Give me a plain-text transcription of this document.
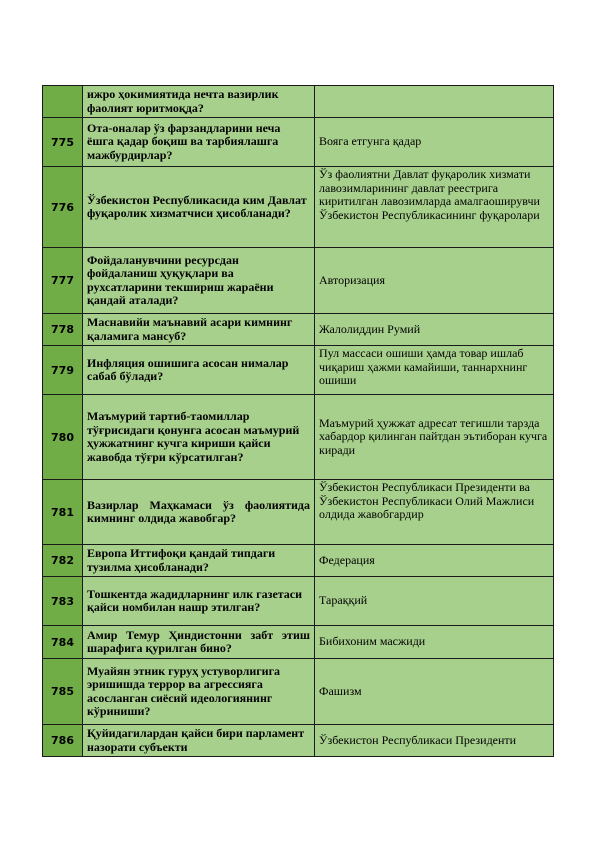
	ижро ҳокимиятида нечта вазирлик фаолият юритмоқда?	
775	Ота-оналар ўз фарзандларини неча ёшга қадар боқиш ва тарбиялашга мажбурдирлар?	Вояга етгунга қадар
776	Ўзбекистон Республикасида ким Давлат фуқаролик хизматчиси ҳисобланади?	Ўз фаолиятни Давлат фуқаролик хизмати лавозимларининг давлат реестрига киритилган лавозимларда амалгаоширувчи Ўзбекистон Республикасининг фуқаролари
777	Фойдаланувчини ресурсдан фойдаланиш ҳуқуқлари ва рухсатларини текшириш жараёни қандай аталади?	Авторизация
778	Маснавийи маънавий асари кимнинг қаламига мансуб?	Жалолиддин Румий
779	Инфляция ошишига асосан нималар сабаб бўлади?	Пул массаси ошиши ҳамда товар ишлаб чиқариш ҳажми камайиши, таннархнинг ошиши
780	Маъмурий тартиб-таомиллар тўғрисидаги қонунга асосан маъмурий ҳужжатнинг кучга кириши қайси жавобда тўғри кўрсатилган?	Маъмурий ҳужжат адресат тегишли тарзда хабардор қилинган пайтдан эътиборан кучга киради
781	Вазирлар Маҳкамаси ўз фаолиятида кимнинг олдида жавобгар?	Ўзбекистон Республикаси Президенти ва Ўзбекистон Республикаси Олий Мажлиси олдида жавобгардир
782	Европа Иттифоқи қандай типдаги тузилма ҳисобланади?	Федерация
783	Тошкентда жадидларнинг илк газетаси қайси номбилан нашр этилган?	Тараққий
784	Амир Темур Ҳиндистонни забт этиш шарафига қурилган бино?	Бибихоним масжиди
785	Муайян этник гуруҳ устуворлигига эришишда террор ва агрессияга асосланган сиёсий идеологиянинг кўриниши?	Фашизм
786	Қуйидагилардан қайси бири парламент назорати субъекти	Ўзбекистон Республикаси Президенти
